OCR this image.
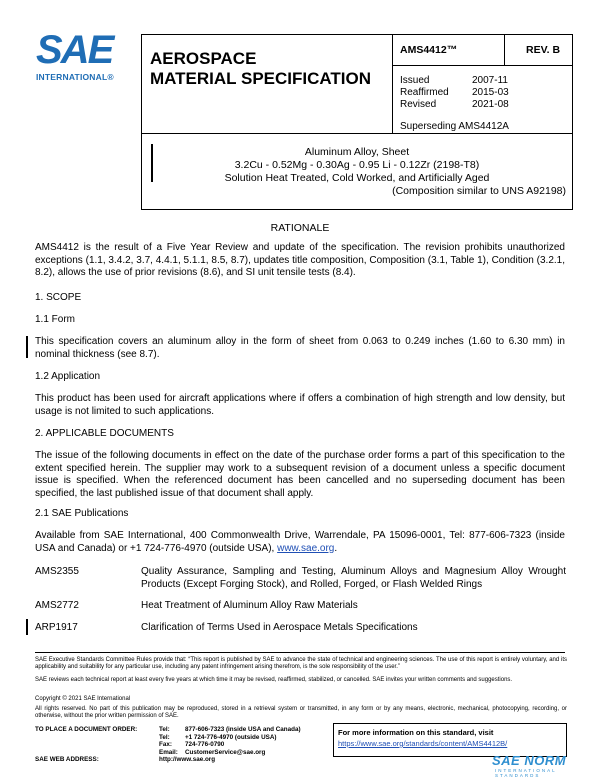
SAE
INTERNATIONAL®
AEROSPACE
MATERIAL SPECIFICATION
AMS4412™	REV. B
Issued	2007-11
Reaffirmed	2015-03
Revised	2021-08
Superseding AMS4412A
Aluminum Alloy, Sheet
3.2Cu - 0.52Mg - 0.30Ag - 0.95 Li - 0.12Zr (2198-T8)
Solution Heat Treated, Cold Worked, and Artificially Aged
(Composition similar to UNS A92198)
RATIONALE
AMS4412 is the result of a Five Year Review and update of the specification. The revision prohibits unauthorized exceptions (1.1, 3.4.2, 3.7, 4.4.1, 5.1.1, 8.5, 8.7), updates title composition, Composition (3.1, Table 1), Condition (3.2.1, 8.2), allows the use of prior revisions (8.6), and SI unit tensile tests (8.4).
1. SCOPE
1.1 Form
This specification covers an aluminum alloy in the form of sheet from 0.063 to 0.249 inches (1.60 to 6.30 mm) in nominal thickness (see 8.7).
1.2 Application
This product has been used for aircraft applications where if offers a combination of high strength and low density, but usage is not limited to such applications.
2. APPLICABLE DOCUMENTS
The issue of the following documents in effect on the date of the purchase order forms a part of this specification to the extent specified herein. The supplier may work to a subsequent revision of a document unless a specific document issue is specified. When the referenced document has been cancelled and no superseding document has been specified, the last published issue of that document shall apply.
2.1 SAE Publications
Available from SAE International, 400 Commonwealth Drive, Warrendale, PA 15096-0001, Tel: 877-606-7323 (inside USA and Canada) or +1 724-776-4970 (outside USA), www.sae.org.
AMS2355	Quality Assurance, Sampling and Testing, Aluminum Alloys and Magnesium Alloy Wrought Products (Except Forging Stock), and Rolled, Forged, or Flash Welded Rings
AMS2772	Heat Treatment of Aluminum Alloy Raw Materials
ARP1917	Clarification of Terms Used in Aerospace Metals Specifications
SAE Executive Standards Committee Rules provide that: “This report is published by SAE to advance the state of technical and engineering sciences. The use of this report is entirely voluntary, and its applicability and suitability for any particular use, including any patent infringement arising therefrom, is the sole responsibility of the user.”
SAE reviews each technical report at least every five years at which time it may be revised, reaffirmed, stabilized, or cancelled. SAE invites your written comments and suggestions.
Copyright © 2021 SAE International
All rights reserved. No part of this publication may be reproduced, stored in a retrieval system or transmitted, in any form or by any means, electronic, mechanical, photocopying, recording, or otherwise, without the prior written permission of SAE.
TO PLACE A DOCUMENT ORDER:	Tel:	877-606-7323 (inside USA and Canada)
Tel:	+1 724-776-4970 (outside USA)
Fax:	724-776-0790
Email:	CustomerService@sae.org
SAE WEB ADDRESS:	http://www.sae.org
For more information on this standard, visit
https://www.sae.org/standards/content/AMS4412B/
SAE NORM
INTERNATIONAL STANDARDS
